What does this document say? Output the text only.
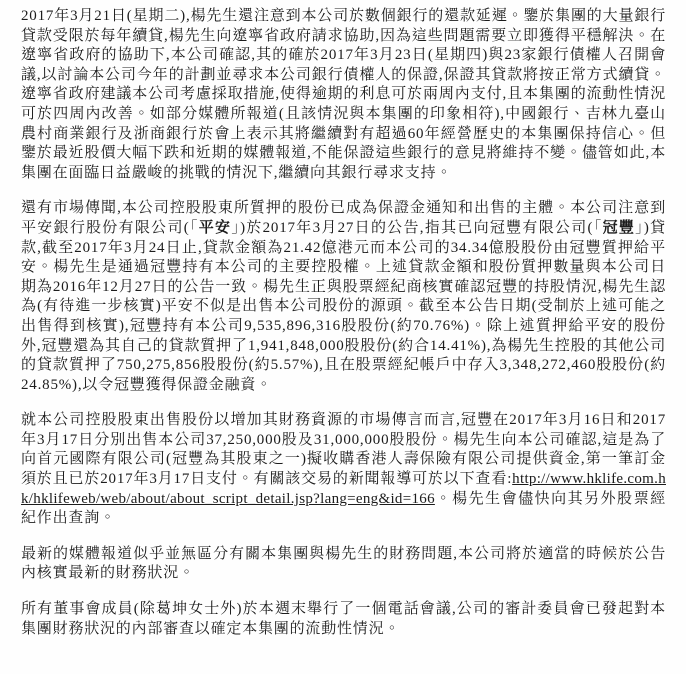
2017年3月21日(星期二),楊先生還注意到本公司於數個銀行的還款延遲。鑒於集團的大量銀行貸款受限於每年續貸,楊先生向遼寧省政府請求協助,因為這些問題需要立即獲得平穩解決。在遼寧省政府的協助下,本公司確認,其的確於2017年3月23日(星期四)與23家銀行債權人召開會議,以討論本公司今年的計劃並尋求本公司銀行債權人的保證,保證其貸款將按正常方式續貸。遼寧省政府建議本公司考慮採取措施,使得逾期的利息可於兩周內支付,且本集團的流動性情況可於四周內改善。如部分媒體所報道(且該情況與本集團的印象相符),中國銀行、吉林九臺山農村商業銀行及浙商銀行於會上表示其將繼續對有超過60年經營歷史的本集團保持信心。但鑒於最近股價大幅下跌和近期的媒體報道,不能保證這些銀行的意見將維持不變。儘管如此,本集團在面臨日益嚴峻的挑戰的情況下,繼續向其銀行尋求支持。

還有市場傳聞,本公司控股股東所質押的股份已成為保證金通知和出售的主體。本公司注意到平安銀行股份有限公司(「平安」)於2017年3月27日的公告,指其已向冠豐有限公司(「冠豐」)貸款,截至2017年3月24日止,貸款金額為21.42億港元而本公司的34.34億股股份由冠豐質押給平安。楊先生是通過冠豐持有本公司的主要控股權。上述貸款金額和股份質押數量與本公司日期為2016年12月27日的公告一致。楊先生正與股票經紀商核實確認冠豐的持股情況,楊先生認為(有待進一步核實)平安不似是出售本公司股份的源頭。截至本公告日期(受制於上述可能之出售得到核實),冠豐持有本公司9,535,896,316股股份(約70.76%)。除上述質押給平安的股份外,冠豐還為其自己的貸款質押了1,941,848,000股股份(約合14.41%),為楊先生控股的其他公司的貸款質押了750,275,856股股份(約5.57%),且在股票經紀帳戶中存入3,348,272,460股股份(約24.85%),以令冠豐獲得保證金融資。

就本公司控股股東出售股份以增加其財務資源的市場傳言而言,冠豐在2017年3月16日和2017年3月17日分別出售本公司37,250,000股及31,000,000股股份。楊先生向本公司確認,這是為了向首元國際有限公司(冠豐為其股東之一)擬收購香港人壽保險有限公司提供資金,第一筆訂金須於且已於2017年3月17日支付。有關該交易的新聞報導可於以下查看:http://www.hklife.com.hk/hklifeweb/web/about/about_script_detail.jsp?lang=eng&id=166。楊先生會儘快向其另外股票經紀作出查詢。

最新的媒體報道似乎並無區分有關本集團與楊先生的財務問題,本公司將於適當的時候於公告內核實最新的財務狀況。

所有董事會成員(除葛坤女士外)於本週末舉行了一個電話會議,公司的審計委員會已發起對本集團財務狀況的內部審查以確定本集團的流動性情況。
